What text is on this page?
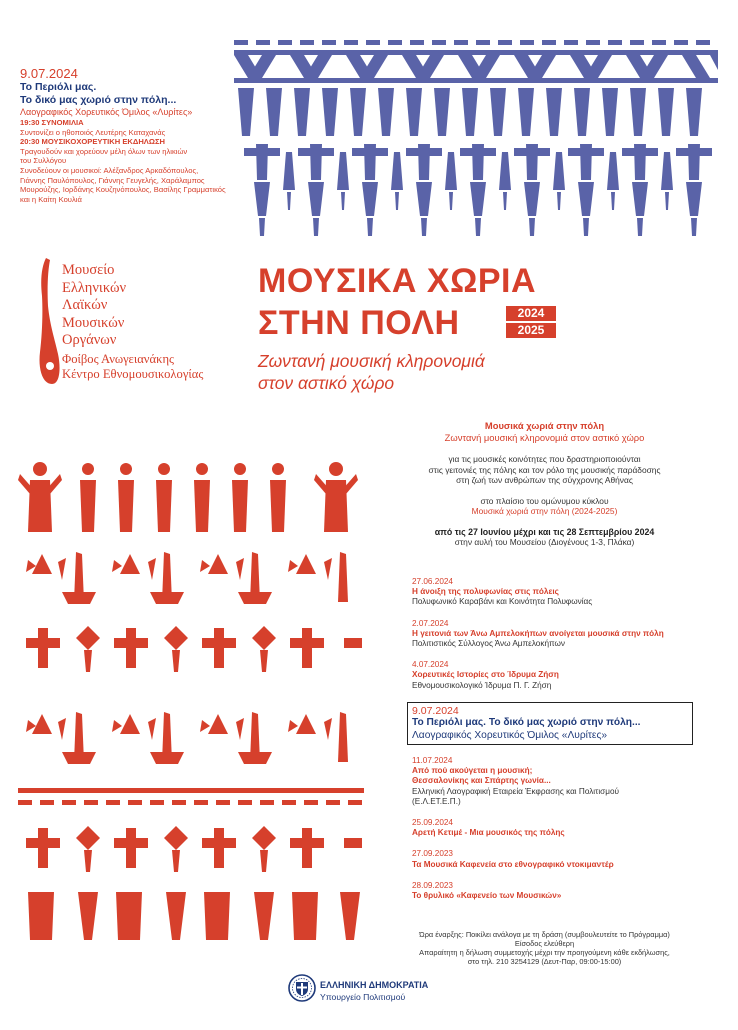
9.07.2024
Το Περιόλι μας.
Το δικό μας χωριό στην πόλη...
Λαογραφικός Χορευτικός Όμιλος «Λυρίτες»
19:30 ΣΥΝΟΜΙΛΙΑ
Συντονίζει ο ηθοποιός Λευτέρης Καταχανάς
20:30 ΜΟΥΣΙΚΟΧΟΡΕΥΤΙΚΗ ΕΚΔΗΛΩΣΗ
Τραγουδούν και χορεύουν μέλη όλων των ηλικιών
του Συλλόγου
Συνοδεύουν οι μουσικοί: Αλέξανδρος Αρκαδόπουλος,
Γιάννης Παυλόπουλος, Γιάννης Γευγελής, Χαράλαμπος
Μουρούζης, Ιορδάνης Κουζηνόπουλος, Βασίλης Γραμματικός
και η Καίτη Κουλιά
Μουσείο
Ελληνικών
Λαϊκών
Μουσικών
Οργάνων
Φοίβος Ανωγειανάκης
Κέντρο Εθνομουσικολογίας
ΜΟΥΣΙΚΑ ΧΩΡΙΑ
ΣΤΗΝ ΠΟΛΗ	2024
2025
Ζωντανή μουσική κληρονομιά
στον αστικό χώρο
Μουσικά χωριά στην πόλη
Ζωντανή μουσική κληρονομιά στον αστικό χώρο
για τις μουσικές κοινότητες που δραστηριοποιούνται
στις γειτονιές της πόλης και τον ρόλο της μουσικής παράδοσης
στη ζωή των ανθρώπων της σύγχρονης Αθήνας
στο πλαίσιο του ομώνυμου κύκλου
Μουσικά χωριά στην πόλη (2024-2025)
από τις 27 Ιουνίου μέχρι και τις 28 Σεπτεμβρίου 2024
στην αυλή του Μουσείου (Διογένους 1-3, Πλάκα)
27.06.2024
Η άνοιξη της πολυφωνίας στις πόλεις
Πολυφωνικό Καραβάνι και Κοινότητα Πολυφωνίας
2.07.2024
Η γειτονιά των Άνω Αμπελοκήπων ανοίγεται μουσικά στην πόλη
Πολιτιστικός Σύλλογος Άνω Αμπελοκήπων
4.07.2024
Χορευτικές Ιστορίες στο Ίδρυμα Ζήση
Εθνομουσικολογικό Ίδρυμα Π. Γ. Ζήση
9.07.2024
Το Περιόλι μας. Το δικό μας χωριό στην πόλη...
Λαογραφικός Χορευτικός Όμιλος «Λυρίτες»
11.07.2024
Από πού ακούγεται η μουσική;
Θεσσαλονίκης και Σπάρτης γωνία...
Ελληνική Λαογραφική Εταιρεία Έκφρασης και Πολιτισμού
(Ε.Λ.ΕΤ.Ε.Π.)
25.09.2024
Αρετή Κετιμέ - Μια μουσικός της πόλης
27.09.2023
Τα Μουσικά Καφενεία στο εθνογραφικό ντοκιμαντέρ
28.09.2023
Το θρυλικό «Καφενείο των Μουσικών»
Ώρα έναρξης: Ποικίλει ανάλογα με τη δράση (συμβουλευτείτε το Πρόγραμμα)
Είσοδος ελεύθερη
Απαραίτητη η δήλωση συμμετοχής μέχρι την προηγούμενη κάθε εκδήλωσης,
στο τηλ. 210 3254129 (Δευτ-Παρ, 09:00-15:00)
ΕΛΛΗΝΙΚΗ ΔΗΜΟΚΡΑΤΙΑ
Υπουργείο Πολιτισμού
